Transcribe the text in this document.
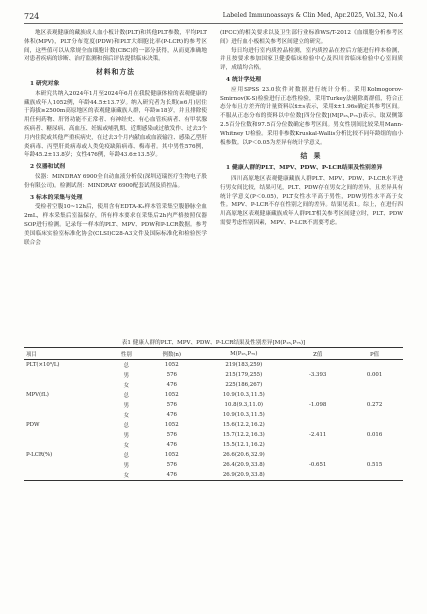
724	Labeled Immunoassays & Clin Med, Apr.2025, Vol.32, No.4

地区表观健康的藏族成人血小板计数(PLT)和其他PLT参数，平均PLT体积(MPV)，PLT分布宽度(PDW)和PLT大细胞比率(P-LCR)的参考区间，这些值可以从常规全血细胞计数(CBC)的一部分获得，从而更准确地对患者疾病的诊断、治疗监测和预后评估提供临床决策。

材料和方法
1 研究对象

本研究共纳入2024年1月至2024年6月在我院健康体检的表观健康的藏族成年人1052例，年龄44.5±13.7岁。纳入研究者为长期(≥6月)居住于海拔≥2500m高原地区的表观健康藏族人群，年龄≥18岁，并且排除使用任何药物、肝肾功能不正常者、有神经史、有心血管疾病者、有甲状腺疾病者、糖尿病、高血压、妊娠或哺乳期、近期感染或过敏发作、过去3个月内住院或其他严重疾病史，在过去3个月内献血或血液输注、感染乙型肝炎病毒、丙型肝炎病毒或人类免疫缺陷病毒、梅毒者。其中男性576例，年龄45.2±13.8岁；女性476例，年龄43.6±13.5岁。

2 仪器和试剂

仪器：MINDRAY 6900全自动血液分析仪(深圳迈瑞医疗生物电子股份有限公司)。检测试剂：MINDRAY 6900配套试剂及质控品。

3 标本的采集与处理

受检者空腹10~12h后，使用含有EDTA-K₂样本管采集空腹静脉全血2mL，样本采集后室温保存，所有样本要求在采集后2h内严格按照仪器SOP进行检测。记录每一样本的PLT、MPV、PDW和P-LCR数据。参考美国临床实验室标准化协会(CLSI)C28-A3文件及国际标准化和检验医学联合会

(IFCC)的相关要求以及卫生部行业标准WS/T-2012《血细胞分析参考区间》进行血小板相关参考区间建立的研究。

每日均进行室内质控品检测，室内质控品在控后方能进行样本检测，并且按要求参加国家卫健委临床检验中心及四川省临床检验中心室间质评，成绩均合格。

4 统计学处理

应用SPSS 23.0软件对数据进行统计分析。采用Kolmogorov-Smirnov(K-S)检验进行正态性检验，采用Turkey法剔除离群值，符合正态分布且方差齐的计量资料以x̄±s表示，采用x̄±1.96s确定其参考区间。不服从正态分布的资料以中位数[四分位数](M[P₂₅,P₇₅])表示，取双侧第2.5百分位数和97.5百分位数确定参考区间。男女性别间比较采用Mann-Whitney U检验。采用非参数Kruskal-Wallis分析比较不同年龄组的血小板参数。以P＜0.05为差异有统计学意义。

结 果
1 健康人群的PLT、MPV、PDW、P-LCR结果及性别差异

四川高原地区表观健康藏族人群PLT、MPV、PDW、P-LCR水平进行男女间比较，结果可见，PLT、PDW存在男女之间的差异，且差异具有统计学意义(P＜0.05)，PLT女性水平高于男性，PDW男性水平高于女性。MPV、P-LCR不存在性别之间的差异。结果见表1。综上，在进行四川高原地区表观健康藏族成年人群PLT相关参考区间建立时，PLT、PDW需要考虑性别因素，MPV、P-LCR不需要考虑。

表1 健康人群的PLT、MPV、PDW、P-LCR结果及性别差异[M(P₂₅,P₇₅)]
项目	性别	例数(n)	M(P₂₅,P₇₅)	Z值	P值
PLT(×10⁹/L)	总	1052	219(183,259)		
	男	576	215(179,255)	-3.393	0.001
	女	476	225(186,267)		
MPV(fL)	总	1052	10.9(10.3,11.5)		
	男	576	10.8(9.3,11.0)	-1.098	0.272
	女	476	10.9(10.3,11.5)		
PDW	总	1052	15.6(12.2,16.2)		
	男	576	15.7(12.2,16.3)	-2.411	0.016
	女	476	15.5(12.1,16.2)		
P-LCR(%)	总	1052	26.6(20.6,32.9)		
	男	576	26.4(20.9,33.8)	-0.651	0.515
	女	476	26.9(20.9,33.8)		
